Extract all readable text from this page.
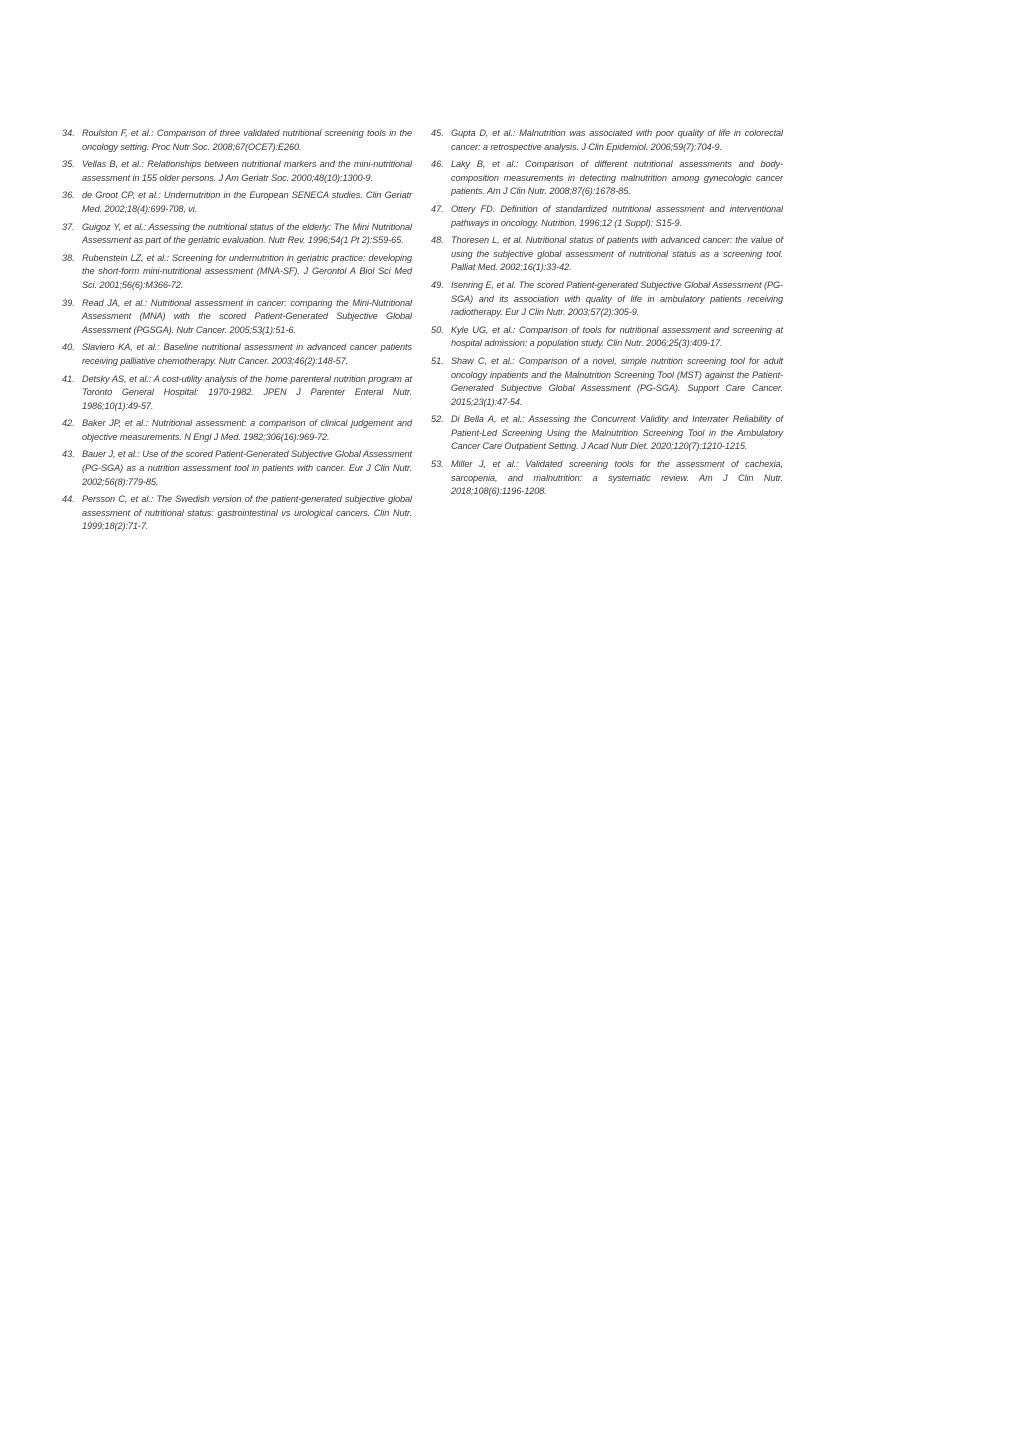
34. Roulston F, et al.: Comparison of three validated nutritional screening tools in the oncology setting. Proc Nutr Soc. 2008;67(OCE7):E260.
35. Vellas B, et al.: Relationships between nutritional markers and the mini-nutritional assessment in 155 older persons. J Am Geriatr Soc. 2000;48(10):1300-9.
36. de Groot CP, et al.: Undernutrition in the European SENECA studies. Clin Geriatr Med. 2002;18(4):699-708, vi.
37. Guigoz Y, et al.: Assessing the nutritional status of the elderly: The Mini Nutritional Assessment as part of the geriatric evaluation. Nutr Rev. 1996;54(1 Pt 2):S59-65.
38. Rubenstein LZ, et al.: Screening for undernutrition in geriatric practice: developing the short-form mini-nutritional assessment (MNA-SF). J Gerontol A Biol Sci Med Sci. 2001;56(6):M366-72.
39. Read JA, et al.: Nutritional assessment in cancer: comparing the Mini-Nutritional Assessment (MNA) with the scored Patient-Generated Subjective Global Assessment (PGSGA). Nutr Cancer. 2005;53(1):51-6.
40. Slaviero KA, et al.: Baseline nutritional assessment in advanced cancer patients receiving palliative chemotherapy. Nutr Cancer. 2003;46(2):148-57.
41. Detsky AS, et al.: A cost-utility analysis of the home parenteral nutrition program at Toronto General Hospital: 1970-1982. JPEN J Parenter Enteral Nutr. 1986;10(1):49-57.
42. Baker JP, et al.: Nutritional assessment: a comparison of clinical judgement and objective measurements. N Engl J Med. 1982;306(16):969-72.
43. Bauer J, et al.: Use of the scored Patient-Generated Subjective Global Assessment (PG-SGA) as a nutrition assessment tool in patients with cancer. Eur J Clin Nutr. 2002;56(8):779-85.
44. Persson C, et al.: The Swedish version of the patient-generated subjective global assessment of nutritional status: gastrointestinal vs urological cancers. Clin Nutr. 1999;18(2):71-7.
45. Gupta D, et al.: Malnutrition was associated with poor quality of life in colorectal cancer: a retrospective analysis. J Clin Epidemiol. 2006;59(7):704-9.
46. Laky B, et al.: Comparison of different nutritional assessments and body-composition measurements in detecting malnutrition among gynecologic cancer patients. Am J Clin Nutr. 2008;87(6):1678-85.
47. Ottery FD. Definition of standardized nutritional assessment and interventional pathways in oncology. Nutrition. 1996;12 (1 Suppl): S15-9.
48. Thoresen L, et al. Nutritional status of patients with advanced cancer: the value of using the subjective global assessment of nutritional status as a screening tool. Palliat Med. 2002;16(1):33-42.
49. Isenring E, et al. The scored Patient-generated Subjective Global Assessment (PG-SGA) and its association with quality of life in ambulatory patients receiving radiotherapy. Eur J Clin Nutr. 2003;57(2):305-9.
50. Kyle UG, et al.: Comparison of tools for nutritional assessment and screening at hospital admission: a population study. Clin Nutr. 2006;25(3):409-17.
51. Shaw C, et al.: Comparison of a novel, simple nutrition screening tool for adult oncology inpatients and the Malnutrition Screening Tool (MST) against the Patient-Generated Subjective Global Assessment (PG-SGA). Support Care Cancer. 2015;23(1):47-54.
52. Di Bella A, et al.: Assessing the Concurrent Validity and Interrater Reliability of Patient-Led Screening Using the Malnutrition Screening Tool in the Ambulatory Cancer Care Outpatient Setting. J Acad Nutr Diet. 2020;120(7):1210-1215.
53. Miller J, et al.: Validated screening tools for the assessment of cachexia, sarcopenia, and malnutrition: a systematic review. Am J Clin Nutr. 2018;108(6):1196-1208.
